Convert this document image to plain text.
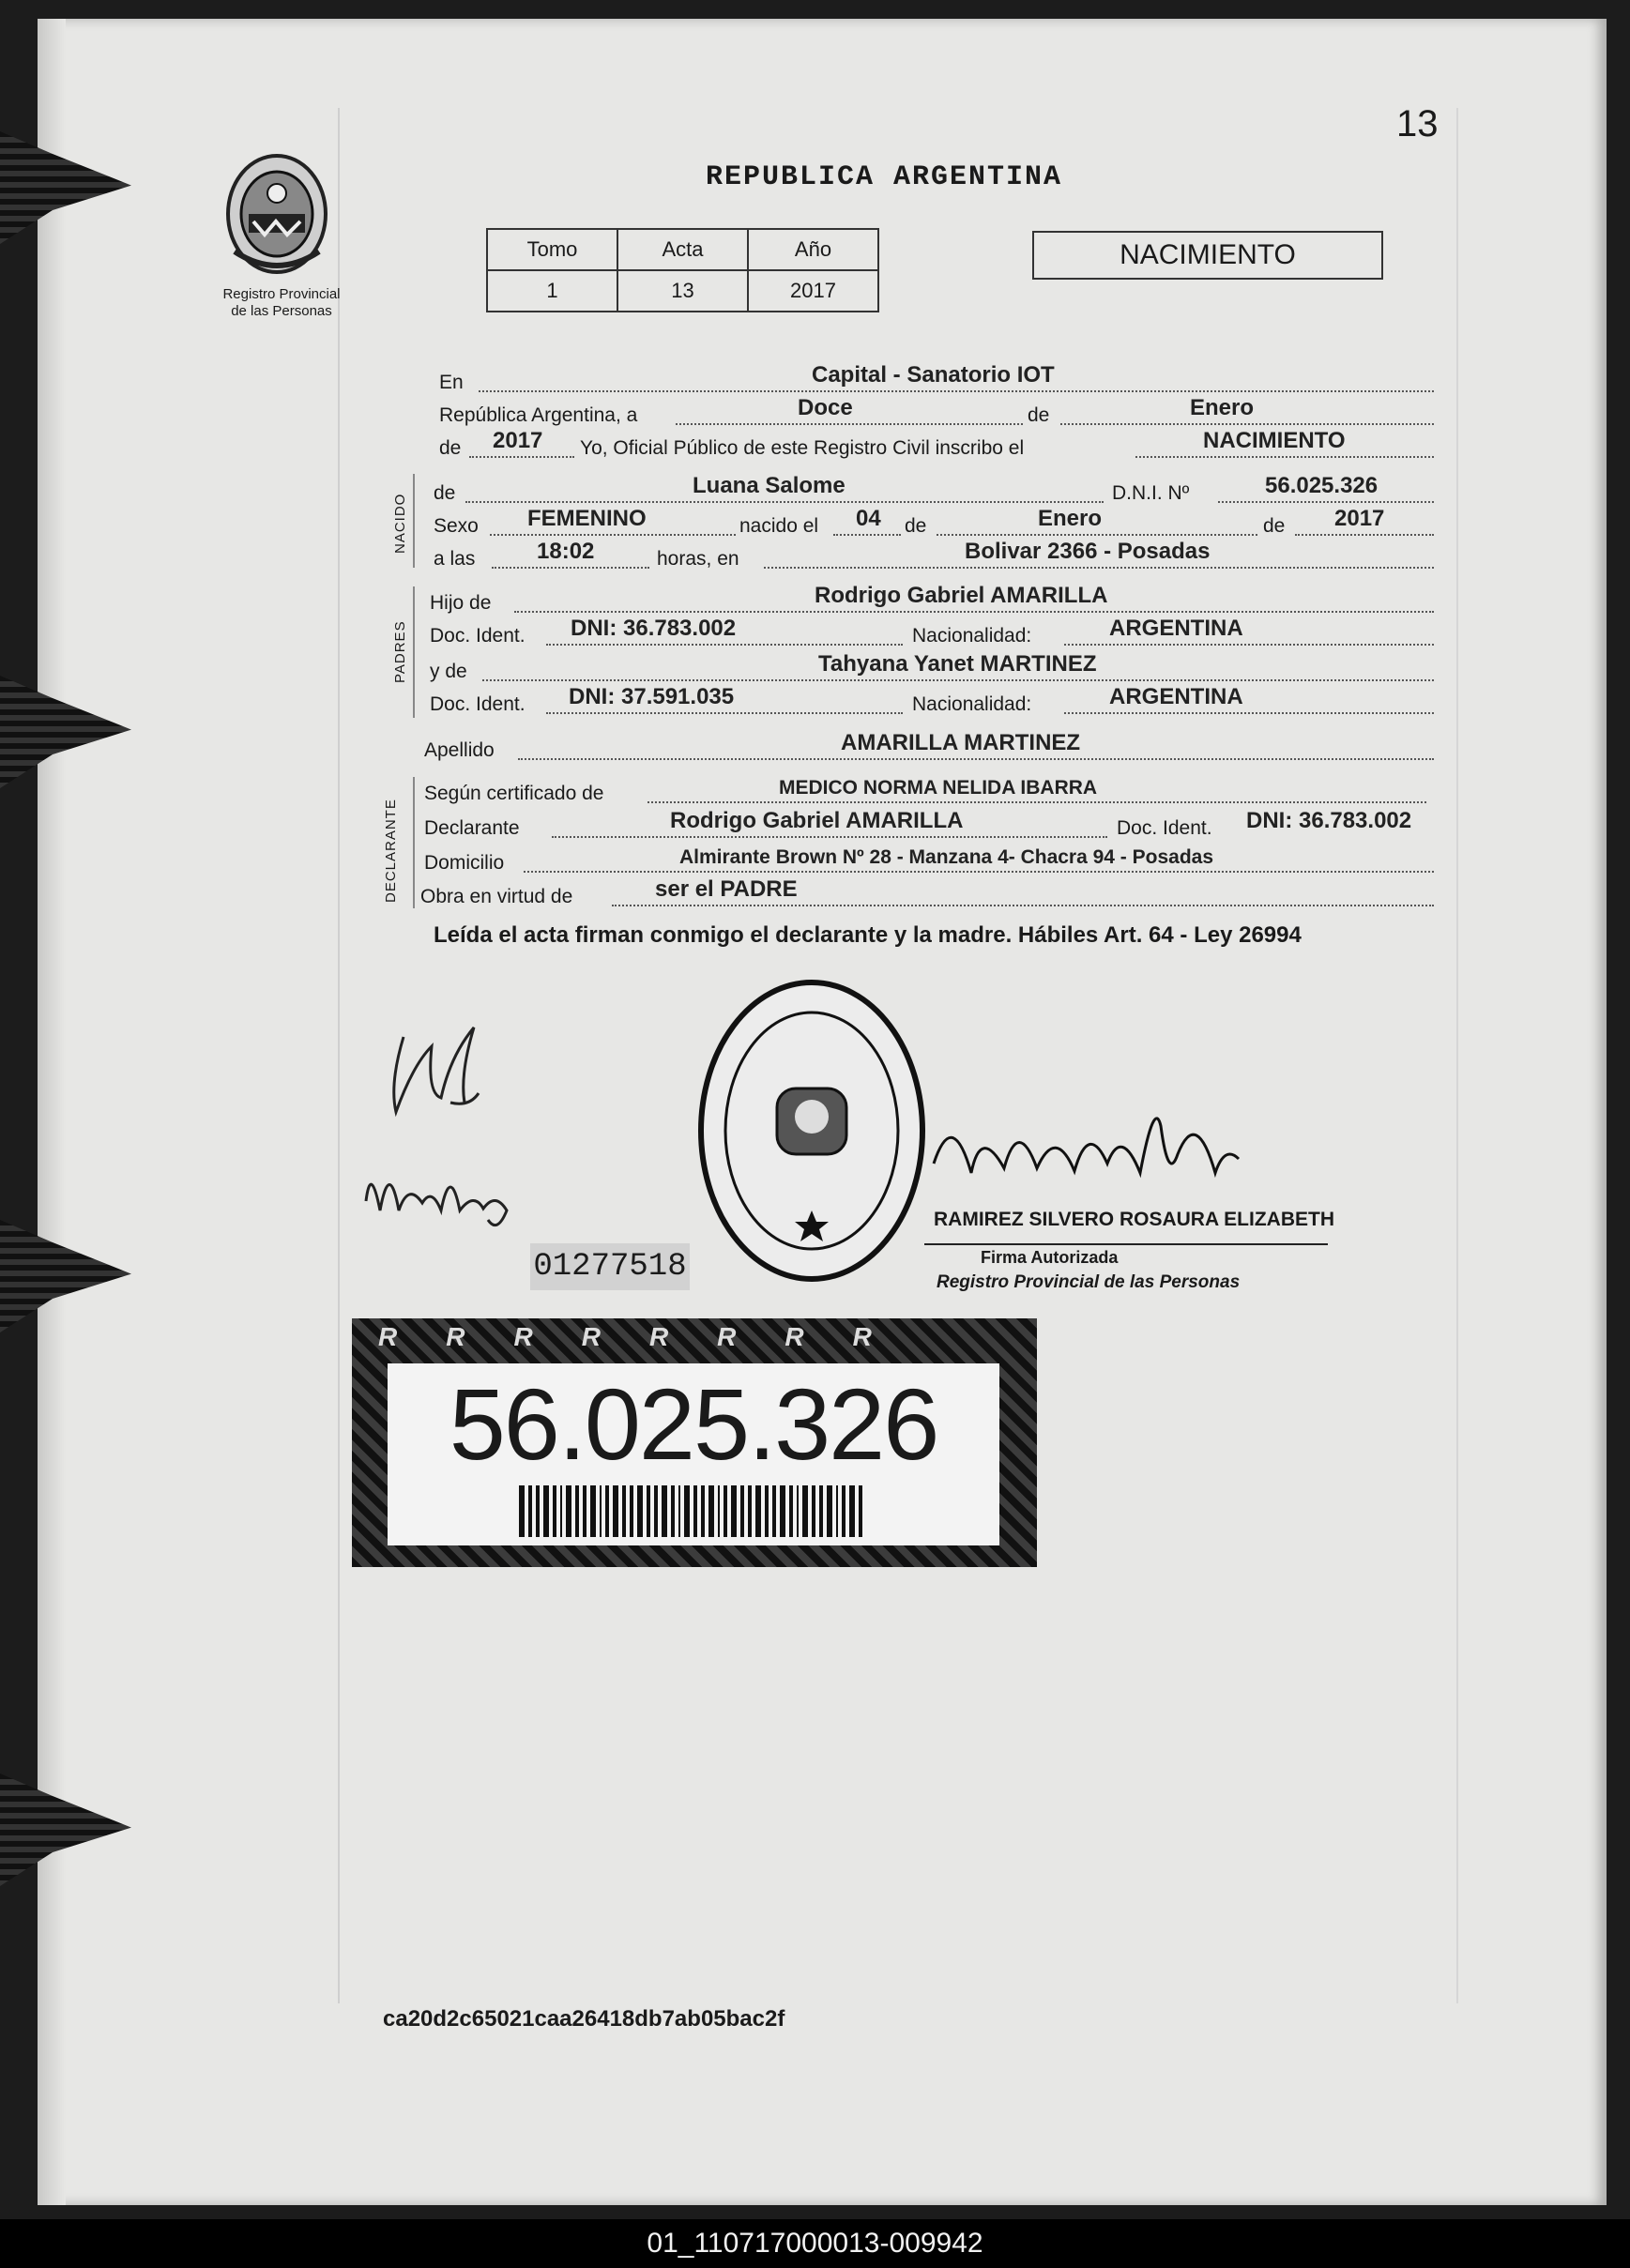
13
REPUBLICA ARGENTINA
Registro Provincial
de las Personas
Tomo	Acta	Año
1	13	2017
NACIMIENTO
En	Capital - Sanatorio IOT
República Argentina, a	Doce	de	Enero
de 2017 Yo, Oficial Público de este Registro Civil inscribo el	NACIMIENTO
NACIDO
de	Luana Salome	D.N.I. Nº	56.025.326
Sexo FEMENINO	nacido el 04 de	Enero	de 2017
a las	18:02	horas, en	Bolivar 2366 - Posadas
PADRES
Hijo de	Rodrigo Gabriel AMARILLA
Doc. Ident. DNI: 36.783.002	Nacionalidad:	ARGENTINA
y de	Tahyana Yanet MARTINEZ
Doc. Ident. DNI: 37.591.035	Nacionalidad:	ARGENTINA
Apellido	AMARILLA MARTINEZ
DECLARANTE
Según certificado de	MEDICO NORMA NELIDA IBARRA
Declarante	Rodrigo Gabriel AMARILLA	Doc. Ident. DNI: 36.783.002
Domicilio	Almirante Brown Nº 28 - Manzana 4- Chacra 94 - Posadas
Obra en virtud de	ser el PADRE
Leída el acta firman conmigo el declarante y la madre. Hábiles Art. 64 - Ley 26994
01277518
RAMIREZ SILVERO ROSAURA ELIZABETH
Firma Autorizada
Registro Provincial de las Personas
R R R R R R R R
56.025.326
ca20d2c65021caa26418db7ab05bac2f
01_110717000013-009942
